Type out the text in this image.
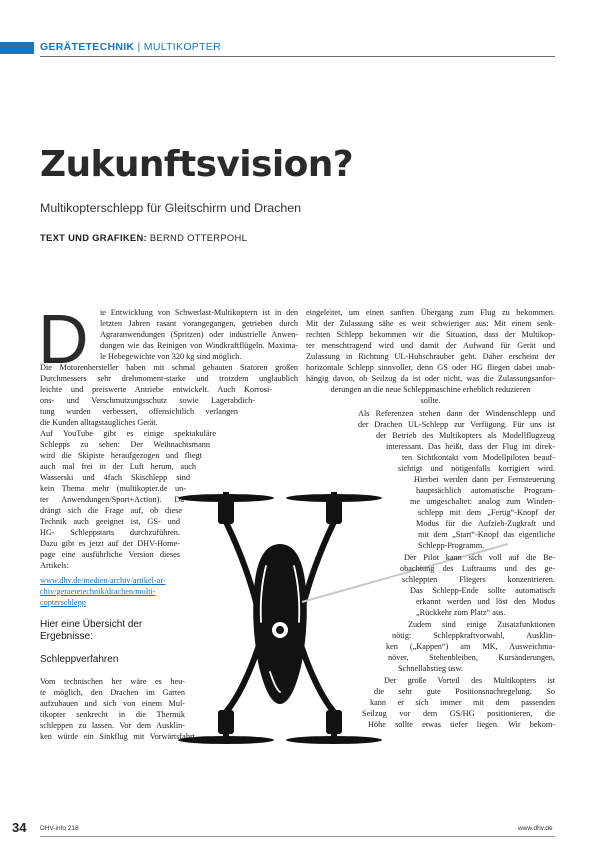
GERÄTETECHNIK | MULTIKOPTER
Zukunftsvision?
Multikopterschlepp für Gleitschirm und Drachen
TEXT UND GRAFIKEN: BERND OTTERPOHL
D ie Entwicklung von Schwerlast-Multikoptern ist in den
letzten Jahren rasant vorangegangen, getrieben durch
Agraranwendungen (Spritzen) oder industrielle Anwen-
dungen wie das Reinigen von Windkraftflügeln. Maxima-
le Hebegewichte von 320 kg sind möglich.
Die Motorenhersteller haben mit schmal gebauten Statoren großen
Durchmessers sehr drehmoment-starke und trotzdem unglaublich
leichte und preiswerte Antriebe entwickelt. Auch Korrosi-
ons- und Verschmutzungsschutz sowie Lagerabdich-
tung wurden verbessert, offensichtlich verlangen
die Kunden alltagstaugliches Gerät.
Auf YouTube gibt es einige spektakuläre
Schlepps zu sehen: Der Weihnachtsmann
wird die Skipiste heraufgezogen und fliegt
auch mal frei in der Luft herum, auch
Wasserski und 4fach Skischlepp sind
kein Thema mehr (multikopter.de un-
ter Anwendungen/Sport+Action). Da
drängt sich die Frage auf, ob diese
Technik auch geeignet ist, GS- und
HG- Schleppstarts durchzuführen.
Dazu gibt es jetzt auf der DHV-Home-
page eine ausführliche Version dieses
Artikels:
www.dhv.de/medien/archiv/artikel-ar-
chiv/geraetetechnik/drachen/multi-
copterschlepp
Hier eine Übersicht der
Ergebnisse:
Schleppverfahren
Vom technischen her wäre es heu-
te möglich, den Drachen im Garten
aufzubauen und sich von einem Mul-
tikopter senkrecht in die Thermik
schleppen zu lassen. Vor dem Ausklin-
ken würde ein Sinkflug mit Vorwärtsfahrt
eingeleitet, um einen sanften Übergang zum Flug zu bekommen.
Mit der Zulassung sähe es weit schwieriger aus: Mit einem senk-
rechten Schlepp bekommen wir die Situation, dass der Multikop-
ter menschtragend wird und damit der Aufwand für Gerät und
Zulassung in Richtung UL-Hubschrauber geht. Daher erscheint der
horizontale Schlepp sinnvoller, denn GS oder HG fliegen dabei unab-
hängig davon, ob Seilzug da ist oder nicht, was die Zulassungsanfor-
derungen an die neue Schleppmaschine erheblich reduzieren
sollte.
Als Referenzen stehen dann der Windenschlepp und
der Drachen UL-Schlepp zur Verfügung. Für uns ist
der Betrieb des Multikopters als Modellflugzeug
interessant. Das heißt, dass der Flug im direk-
ten Sichtkontakt vom Modellpiloten beauf-
sichtigt und nötigenfalls korrigiert wird.
Hierbei werden dann per Fernsteuerung
hauptsächlich automatische Program-
me umgeschaltet: analog zum Winden-
schlepp mit dem „Fertig“-Knopf der
Modus für die Aufzieh-Zugkraft und
mit dem „Start“-Knopf das eigentliche
Schlepp-Programm.
Der Pilot kann sich voll auf die Be-
obachtung des Luftraums und des ge-
schleppten Fliegers konzentrieren.
Das Schlepp-Ende sollte automatisch
erkannt werden und löst den Modus
„Rückkehr zum Platz“ aus.
Zudem sind einige Zusatzfunktionen
nötig: Schleppkraftvorwahl, Ausklin-
ken („Kappen“) am MK, Ausweichma-
növer, Stehenbleiben, Kursänderungen,
Schnellabstieg usw.
Der große Vorteil des Multikopters ist
die sehr gute Positionsnachregelung. So
kann er sich immer mit dem passenden
Seilzug vor dem GS/HG positionieren, die
Höhe sollte etwas tiefer liegen. Wir bekom-
34 DHV-info 218	www.dhv.de
